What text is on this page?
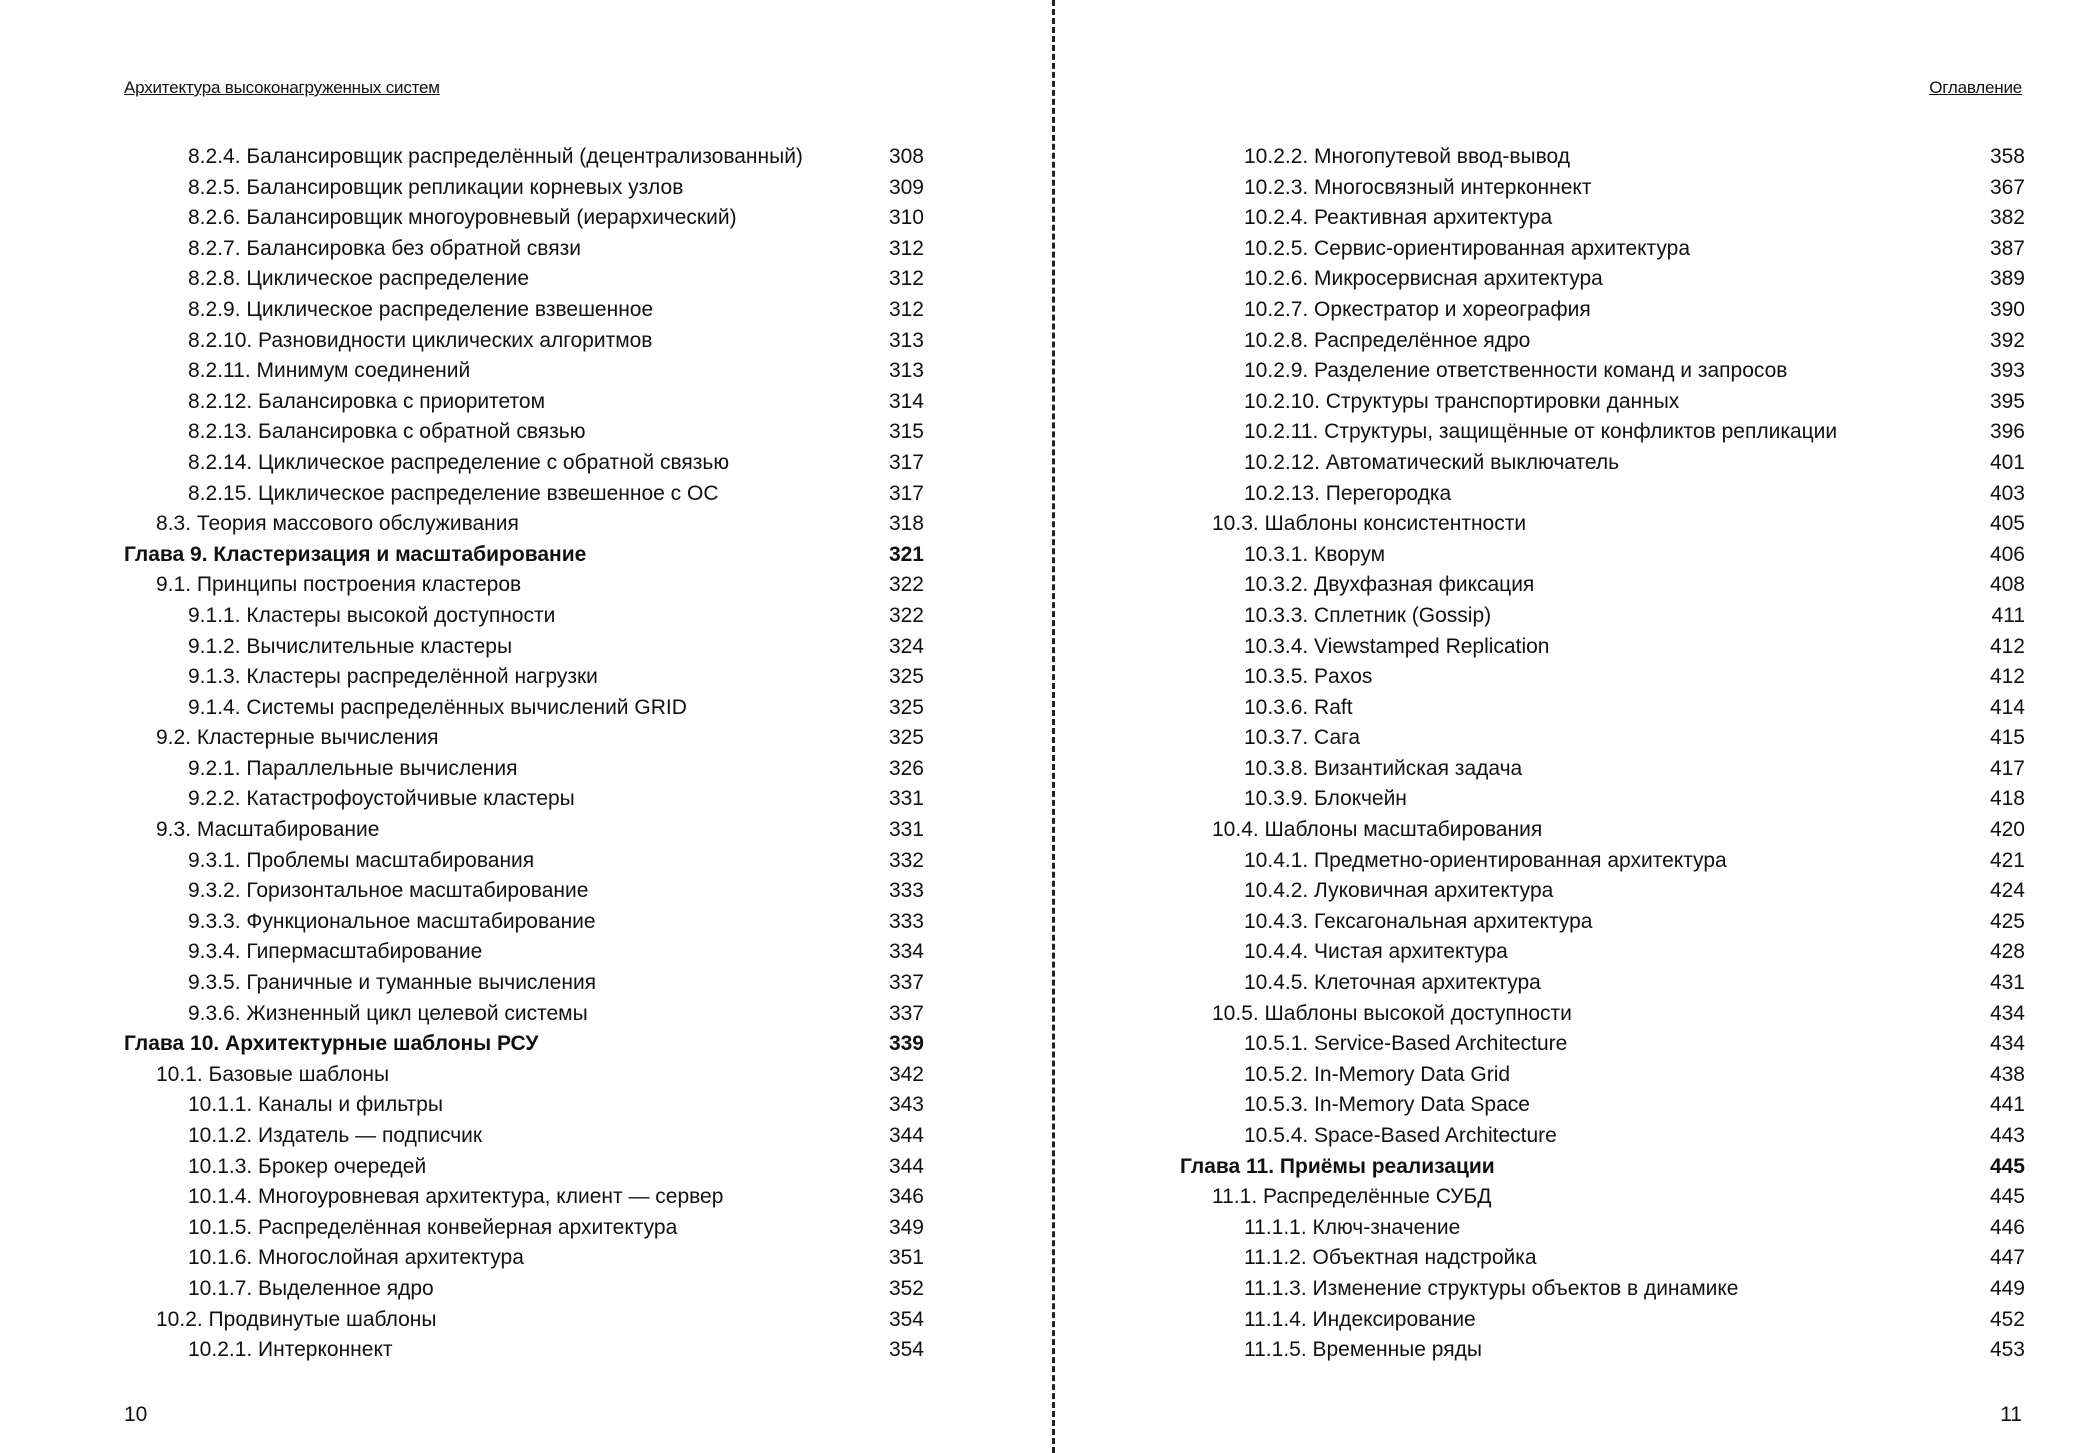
Архитектура высоконагруженных систем
8.2.4. Балансировщик распределённый (децентрализованный)	308
8.2.5. Балансировщик репликации корневых узлов	309
8.2.6. Балансировщик многоуровневый (иерархический)	310
8.2.7. Балансировка без обратной связи	312
8.2.8. Циклическое распределение	312
8.2.9. Циклическое распределение взвешенное	312
8.2.10. Разновидности циклических алгоритмов	313
8.2.11. Минимум соединений	313
8.2.12. Балансировка с приоритетом	314
8.2.13. Балансировка с обратной связью	315
8.2.14. Циклическое распределение с обратной связью	317
8.2.15. Циклическое распределение взвешенное с ОС	317
8.3. Теория массового обслуживания	318
Глава 9. Кластеризация и масштабирование	321
9.1. Принципы построения кластеров	322
9.1.1. Кластеры высокой доступности	322
9.1.2. Вычислительные кластеры	324
9.1.3. Кластеры распределённой нагрузки	325
9.1.4. Системы распределённых вычислений GRID	325
9.2. Кластерные вычисления	325
9.2.1. Параллельные вычисления	326
9.2.2. Катастрофоустойчивые кластеры	331
9.3. Масштабирование	331
9.3.1. Проблемы масштабирования	332
9.3.2. Горизонтальное масштабирование	333
9.3.3. Функциональное масштабирование	333
9.3.4. Гипермасштабирование	334
9.3.5. Граничные и туманные вычисления	337
9.3.6. Жизненный цикл целевой системы	337
Глава 10. Архитектурные шаблоны РСУ	339
10.1. Базовые шаблоны	342
10.1.1. Каналы и фильтры	343
10.1.2. Издатель — подписчик	344
10.1.3. Брокер очередей	344
10.1.4. Многоуровневая архитектура, клиент — сервер	346
10.1.5. Распределённая конвейерная архитектура	349
10.1.6. Многослойная архитектура	351
10.1.7. Выделенное ядро	352
10.2. Продвинутые шаблоны	354
10.2.1. Интерконнект	354
10
Оглавление
10.2.2. Многопутевой ввод-вывод	358
10.2.3. Многосвязный интерконнект	367
10.2.4. Реактивная архитектура	382
10.2.5. Сервис-ориентированная архитектура	387
10.2.6. Микросервисная архитектура	389
10.2.7. Оркестратор и хореография	390
10.2.8. Распределённое ядро	392
10.2.9. Разделение ответственности команд и запросов	393
10.2.10. Структуры транспортировки данных	395
10.2.11. Структуры, защищённые от конфликтов репликации	396
10.2.12. Автоматический выключатель	401
10.2.13. Перегородка	403
10.3. Шаблоны консистентности	405
10.3.1. Кворум	406
10.3.2. Двухфазная фиксация	408
10.3.3. Сплетник (Gossip)	411
10.3.4. Viewstamped Replication	412
10.3.5. Paxos	412
10.3.6. Raft	414
10.3.7. Сага	415
10.3.8. Византийская задача	417
10.3.9. Блокчейн	418
10.4. Шаблоны масштабирования	420
10.4.1. Предметно-ориентированная архитектура	421
10.4.2. Луковичная архитектура	424
10.4.3. Гексагональная архитектура	425
10.4.4. Чистая архитектура	428
10.4.5. Клеточная архитектура	431
10.5. Шаблоны высокой доступности	434
10.5.1. Service-Based Architecture	434
10.5.2. In-Memory Data Grid	438
10.5.3. In-Memory Data Space	441
10.5.4. Space-Based Architecture	443
Глава 11. Приёмы реализации	445
11.1. Распределённые СУБД	445
11.1.1. Ключ-значение	446
11.1.2. Объектная надстройка	447
11.1.3. Изменение структуры объектов в динамике	449
11.1.4. Индексирование	452
11.1.5. Временные ряды	453
11
